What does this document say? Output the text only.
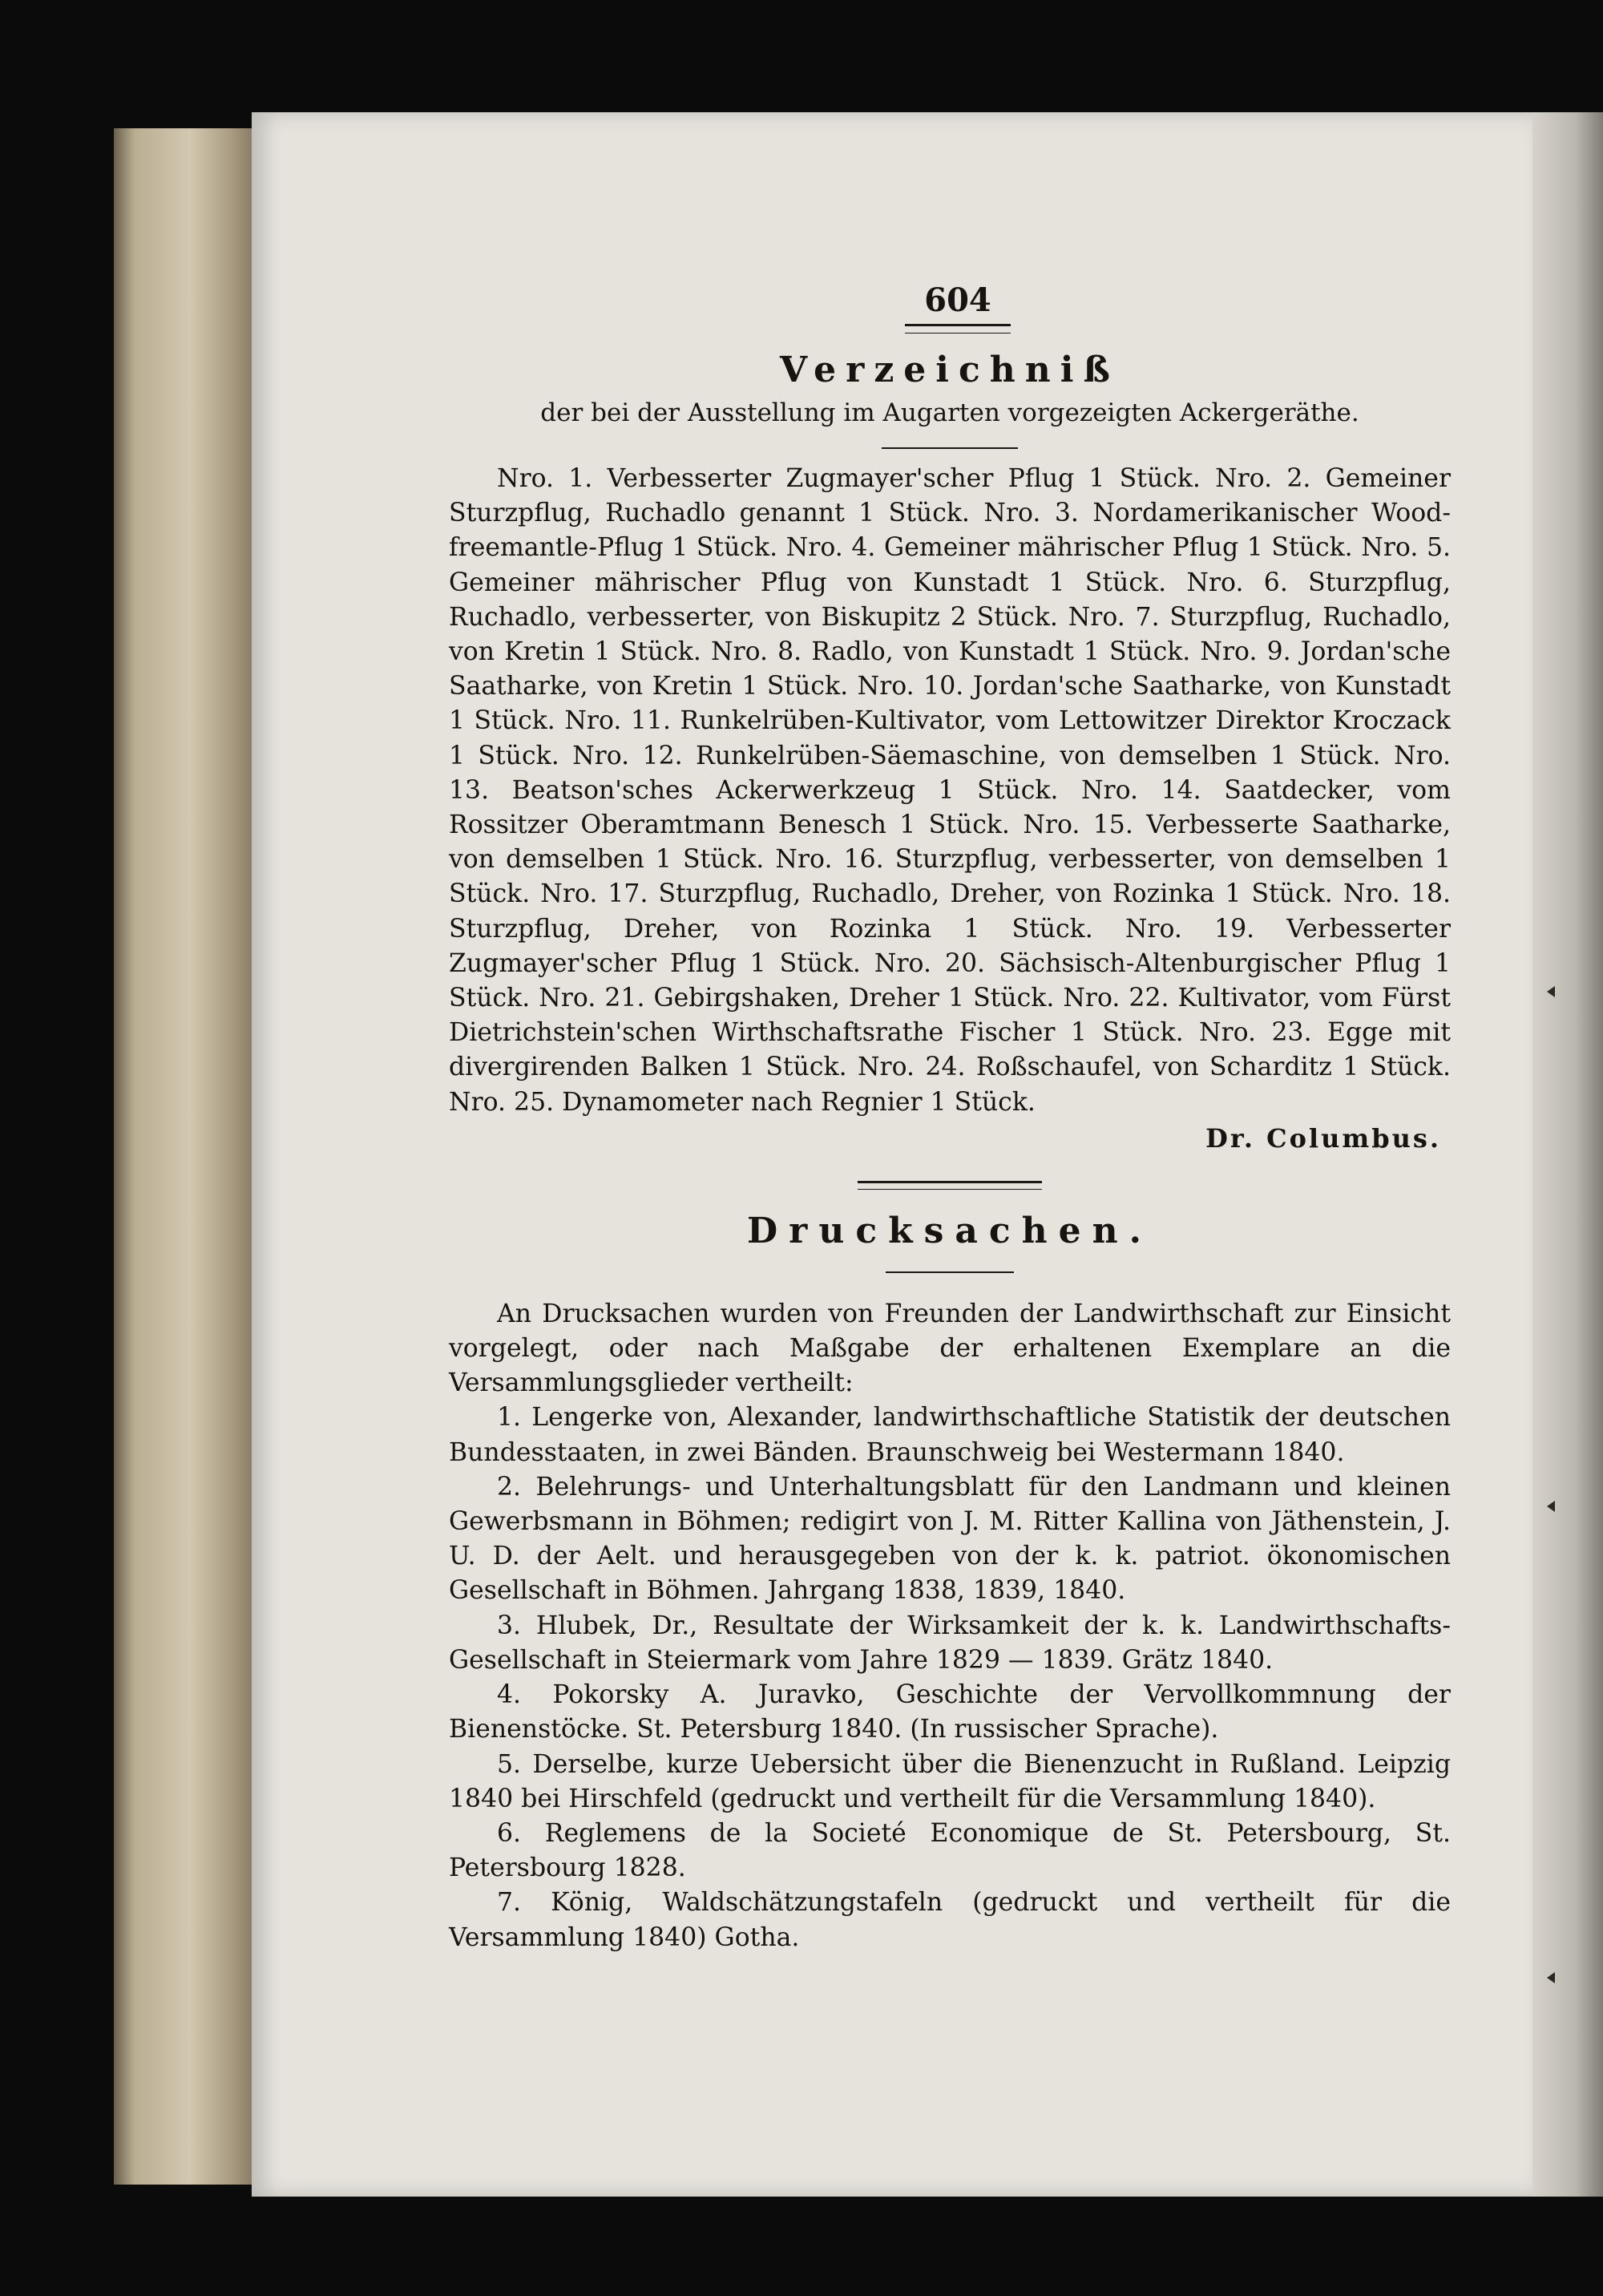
604
Verzeichniß
der bei der Ausstellung im Augarten vorgezeigten Ackergeräthe.

Nro. 1. Verbesserter Zugmayer'scher Pflug 1 Stück. Nro. 2. Gemeiner Sturzpflug, Ruchadlo genannt 1 Stück. Nro. 3. Nordamerikanischer Wood-freemantle-Pflug 1 Stück. Nro. 4. Gemeiner mährischer Pflug 1 Stück. Nro. 5. Gemeiner mährischer Pflug von Kunstadt 1 Stück. Nro. 6. Sturzpflug, Ruchadlo, verbesserter, von Biskupitz 2 Stück. Nro. 7. Sturzpflug, Ruchadlo, von Kretin 1 Stück. Nro. 8. Radlo, von Kunstadt 1 Stück. Nro. 9. Jordan'sche Saatharke, von Kretin 1 Stück. Nro. 10. Jordan'sche Saatharke, von Kunstadt 1 Stück. Nro. 11. Runkelrüben-Kultivator, vom Lettowitzer Direktor Kroczack 1 Stück. Nro. 12. Runkelrüben-Säemaschine, von demselben 1 Stück. Nro. 13. Beatson'sches Ackerwerkzeug 1 Stück. Nro. 14. Saatdecker, vom Rossitzer Oberamtmann Benesch 1 Stück. Nro. 15. Verbesserte Saatharke, von demselben 1 Stück. Nro. 16. Sturzpflug, verbesserter, von demselben 1 Stück. Nro. 17. Sturzpflug, Ruchadlo, Dreher, von Rozinka 1 Stück. Nro. 18. Sturzpflug, Dreher, von Rozinka 1 Stück. Nro. 19. Verbesserter Zugmayer'scher Pflug 1 Stück. Nro. 20. Sächsisch-Altenburgischer Pflug 1 Stück. Nro. 21. Gebirgshaken, Dreher 1 Stück. Nro. 22. Kultivator, vom Fürst Dietrichstein'schen Wirthschaftsrathe Fischer 1 Stück. Nro. 23. Egge mit divergirenden Balken 1 Stück. Nro. 24. Roßschaufel, von Scharditz 1 Stück. Nro. 25. Dynamometer nach Regnier 1 Stück.

Dr. Columbus.
Drucksachen.

An Drucksachen wurden von Freunden der Landwirthschaft zur Einsicht vorgelegt, oder nach Maßgabe der erhaltenen Exemplare an die Versammlungsglieder vertheilt:

1. Lengerke von, Alexander, landwirthschaftliche Statistik der deutschen Bundesstaaten, in zwei Bänden. Braunschweig bei Westermann 1840.

2. Belehrungs- und Unterhaltungsblatt für den Landmann und kleinen Gewerbsmann in Böhmen; redigirt von J. M. Ritter Kallina von Jäthenstein, J. U. D. der Aelt. und herausgegeben von der k. k. patriot. ökonomischen Gesellschaft in Böhmen. Jahrgang 1838, 1839, 1840.

3. Hlubek, Dr., Resultate der Wirksamkeit der k. k. Landwirthschafts-Gesellschaft in Steiermark vom Jahre 1829 — 1839. Grätz 1840.

4. Pokorsky A. Juravko, Geschichte der Vervollkommnung der Bienenstöcke. St. Petersburg 1840. (In russischer Sprache).

5. Derselbe, kurze Uebersicht über die Bienenzucht in Rußland. Leipzig 1840 bei Hirschfeld (gedruckt und vertheilt für die Versammlung 1840).

6. Reglemens de la Societé Economique de St. Petersbourg, St. Petersbourg 1828.

7. König, Waldschätzungstafeln (gedruckt und vertheilt für die Versammlung 1840) Gotha.
